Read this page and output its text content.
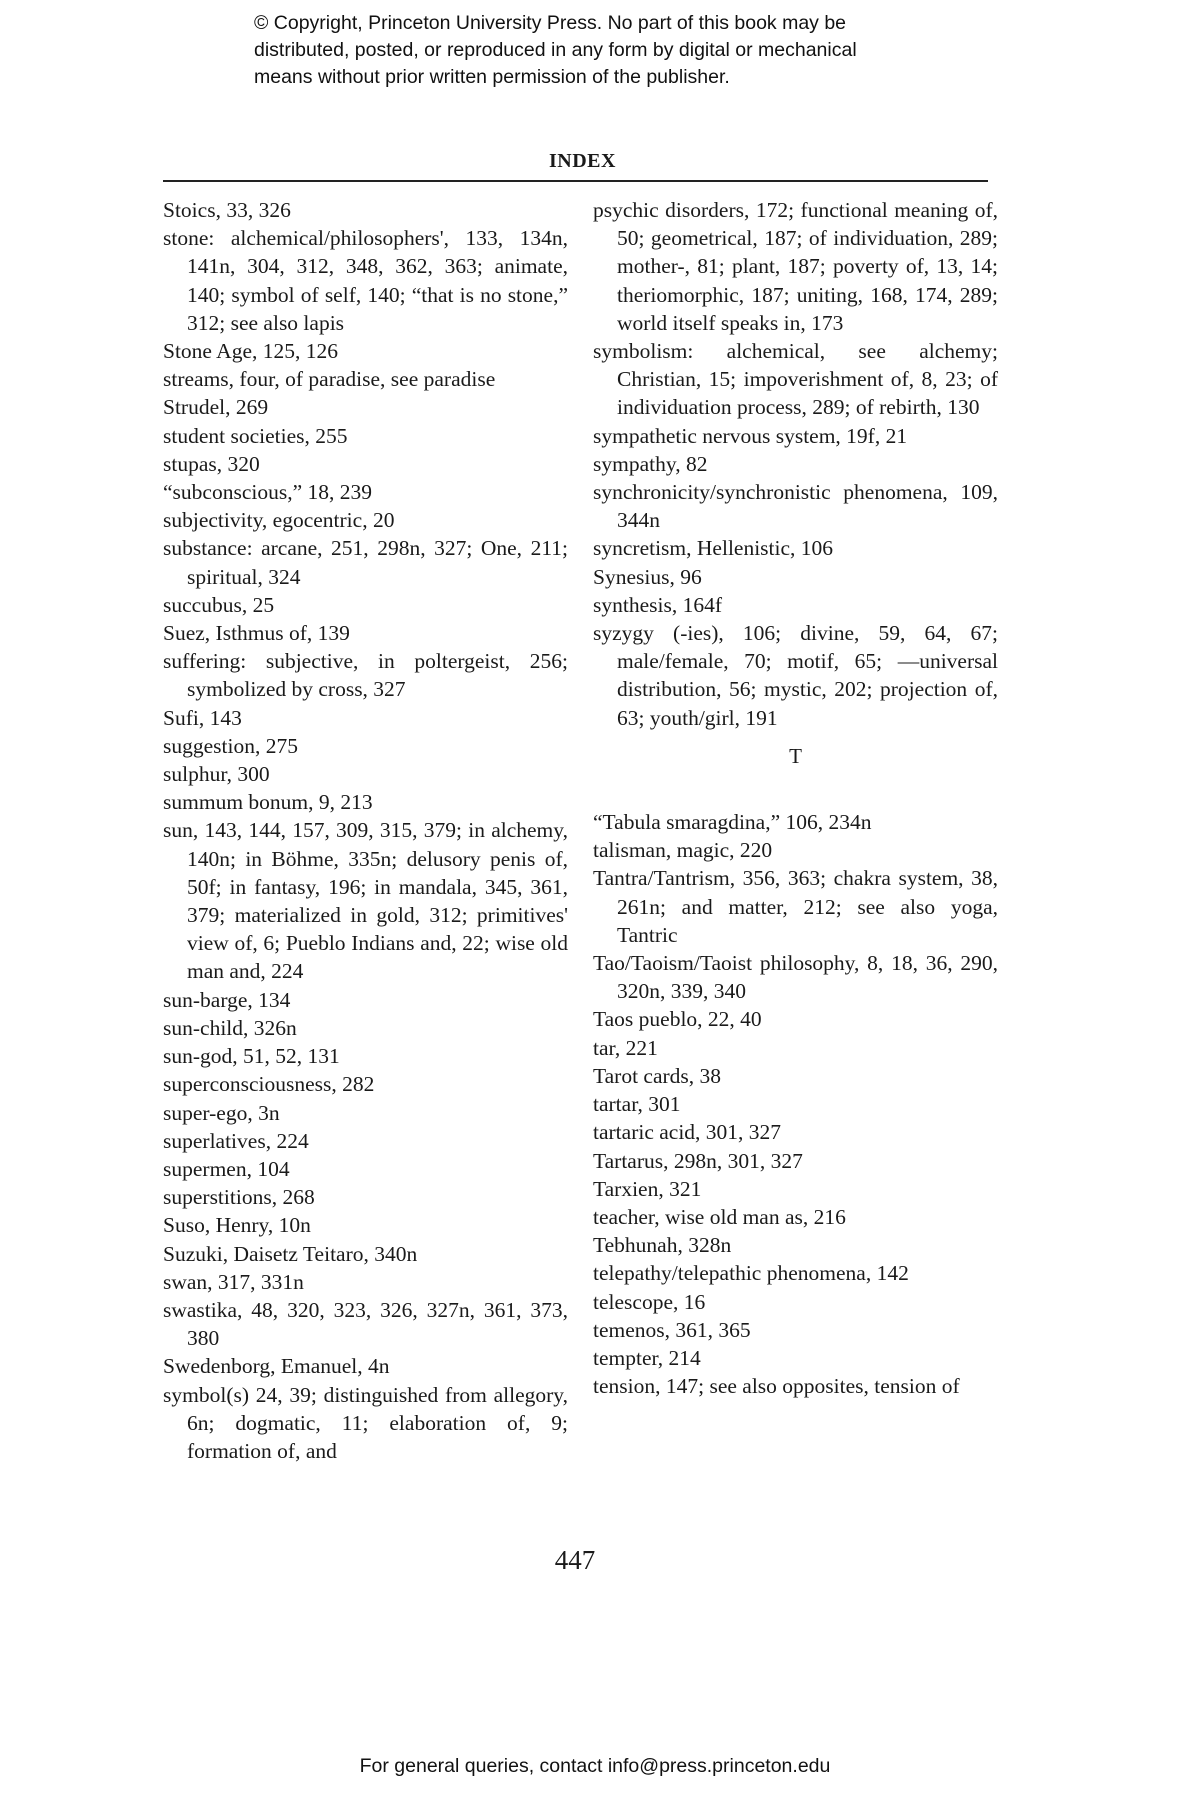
© Copyright, Princeton University Press. No part of this book may be
distributed, posted, or reproduced in any form by digital or mechanical
means without prior written permission of the publisher.
INDEX
Stoics, 33, 326
stone: alchemical/philosophers', 133, 134n, 141n, 304, 312, 348, 362, 363; animate, 140; symbol of self, 140; “that is no stone,” 312; see also lapis
Stone Age, 125, 126
streams, four, of paradise, see paradise
Strudel, 269
student societies, 255
stupas, 320
“subconscious,” 18, 239
subjectivity, egocentric, 20
substance: arcane, 251, 298n, 327; One, 211; spiritual, 324
succubus, 25
Suez, Isthmus of, 139
suffering: subjective, in poltergeist, 256; symbolized by cross, 327
Sufi, 143
suggestion, 275
sulphur, 300
summum bonum, 9, 213
sun, 143, 144, 157, 309, 315, 379; in alchemy, 140n; in Böhme, 335n; delusory penis of, 50f; in fantasy, 196; in mandala, 345, 361, 379; materialized in gold, 312; primitives' view of, 6; Pueblo Indians and, 22; wise old man and, 224
sun-barge, 134
sun-child, 326n
sun-god, 51, 52, 131
superconsciousness, 282
super-ego, 3n
superlatives, 224
supermen, 104
superstitions, 268
Suso, Henry, 10n
Suzuki, Daisetz Teitaro, 340n
swan, 317, 331n
swastika, 48, 320, 323, 326, 327n, 361, 373, 380
Swedenborg, Emanuel, 4n
symbol(s) 24, 39; distinguished from allegory, 6n; dogmatic, 11; elaboration of, 9; formation of, and
psychic disorders, 172; functional meaning of, 50; geometrical, 187; of individuation, 289; mother-, 81; plant, 187; poverty of, 13, 14; theriomorphic, 187; uniting, 168, 174, 289; world itself speaks in, 173
symbolism: alchemical, see alchemy; Christian, 15; impoverishment of, 8, 23; of individuation process, 289; of rebirth, 130
sympathetic nervous system, 19f, 21
sympathy, 82
synchronicity/synchronistic phenomena, 109, 344n
syncretism, Hellenistic, 106
Synesius, 96
synthesis, 164f
syzygy (-ies), 106; divine, 59, 64, 67; male/female, 70; motif, 65; —universal distribution, 56; mystic, 202; projection of, 63; youth/girl, 191
T
“Tabula smaragdina,” 106, 234n
talisman, magic, 220
Tantra/Tantrism, 356, 363; chakra system, 38, 261n; and matter, 212; see also yoga, Tantric
Tao/Taoism/Taoist philosophy, 8, 18, 36, 290, 320n, 339, 340
Taos pueblo, 22, 40
tar, 221
Tarot cards, 38
tartar, 301
tartaric acid, 301, 327
Tartarus, 298n, 301, 327
Tarxien, 321
teacher, wise old man as, 216
Tebhunah, 328n
telepathy/telepathic phenomena, 142
telescope, 16
temenos, 361, 365
tempter, 214
tension, 147; see also opposites, tension of
447
For general queries, contact info@press.princeton.edu
